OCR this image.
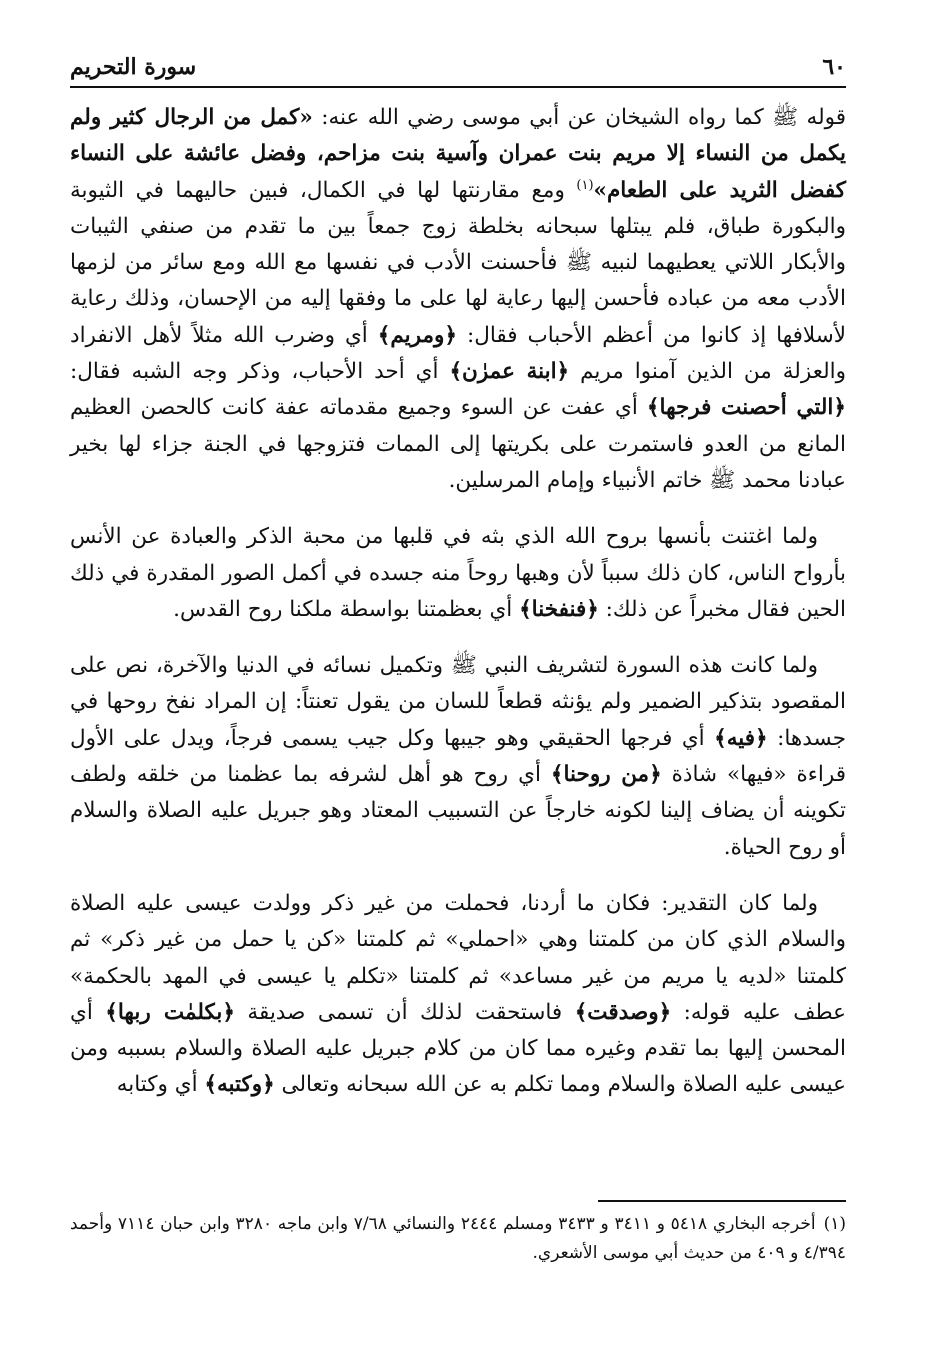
٦٠
سورة التحريم

قوله ﷺ كما رواه الشيخان عن أبي موسى رضي الله عنه: «كمل من الرجال كثير ولم يكمل من النساء إلا مريم بنت عمران وآسية بنت مزاحم، وفضل عائشة على النساء كفضل الثريد على الطعام»$^{(١)}$ ومع مقارنتها لها في الكمال، فبين حاليهما في الثيوبة والبكورة طباق، فلم يبتلها سبحانه بخلطة زوج جمعاً بين ما تقدم من صنفي الثيبات والأبكار اللاتي يعطيهما لنبيه ﷺ فأحسنت الأدب في نفسها مع الله ومع سائر من لزمها الأدب معه من عباده فأحسن إليها رعاية لها على ما وفقها إليه من الإحسان، وذلك رعاية لأسلافها إذ كانوا من أعظم الأحباب فقال: ﴿ومريم﴾ أي وضرب الله مثلاً لأهل الانفراد والعزلة من الذين آمنوا مريم ﴿ابنة عمرٰن﴾ أي أحد الأحباب، وذكر وجه الشبه فقال: ﴿التي أحصنت فرجها﴾ أي عفت عن السوء وجميع مقدماته عفة كانت كالحصن العظيم المانع من العدو فاستمرت على بكريتها إلى الممات فتزوجها في الجنة جزاء لها بخير عبادنا محمد ﷺ خاتم الأنبياء وإمام المرسلين.

ولما اغتنت بأنسها بروح الله الذي بثه في قلبها من محبة الذكر والعبادة عن الأنس بأرواح الناس، كان ذلك سبباً لأن وهبها روحاً منه جسده في أكمل الصور المقدرة في ذلك الحين فقال مخبراً عن ذلك: ﴿فنفخنا﴾ أي بعظمتنا بواسطة ملكنا روح القدس.

ولما كانت هذه السورة لتشريف النبي ﷺ وتكميل نسائه في الدنيا والآخرة، نص على المقصود بتذكير الضمير ولم يؤنثه قطعاً للسان من يقول تعنتاً: إن المراد نفخ روحها في جسدها: ﴿فيه﴾ أي فرجها الحقيقي وهو جيبها وكل جيب يسمى فرجاً، ويدل على الأول قراءة «فيها» شاذة ﴿من روحنا﴾ أي روح هو أهل لشرفه بما عظمنا من خلقه ولطف تكوينه أن يضاف إلينا لكونه خارجاً عن التسبيب المعتاد وهو جبريل عليه الصلاة والسلام أو روح الحياة.

ولما كان التقدير: فكان ما أردنا، فحملت من غير ذكر وولدت عيسى عليه الصلاة والسلام الذي كان من كلمتنا وهي «احملي» ثم كلمتنا «كن يا حمل من غير ذكر» ثم كلمتنا «لديه يا مريم من غير مساعد» ثم كلمتنا «تكلم يا عيسى في المهد بالحكمة» عطف عليه قوله: ﴿وصدقت﴾ فاستحقت لذلك أن تسمى صديقة ﴿بكلمٰت ربها﴾ أي المحسن إليها بما تقدم وغيره مما كان من كلام جبريل عليه الصلاة والسلام بسببه ومن عيسى عليه الصلاة والسلام ومما تكلم به عن الله سبحانه وتعالى ﴿وكتبه﴾ أي وكتابه

(١)أخرجه البخاري ٥٤١٨ و ٣٤١١ و ٣٤٣٣ ومسلم ٢٤٤٤ والنسائي ٧/٦٨ وابن ماجه ٣٢٨٠ وابن حبان ٧١١٤ وأحمد ٤/٣٩٤ و ٤٠٩ من حديث أبي موسى الأشعري.
